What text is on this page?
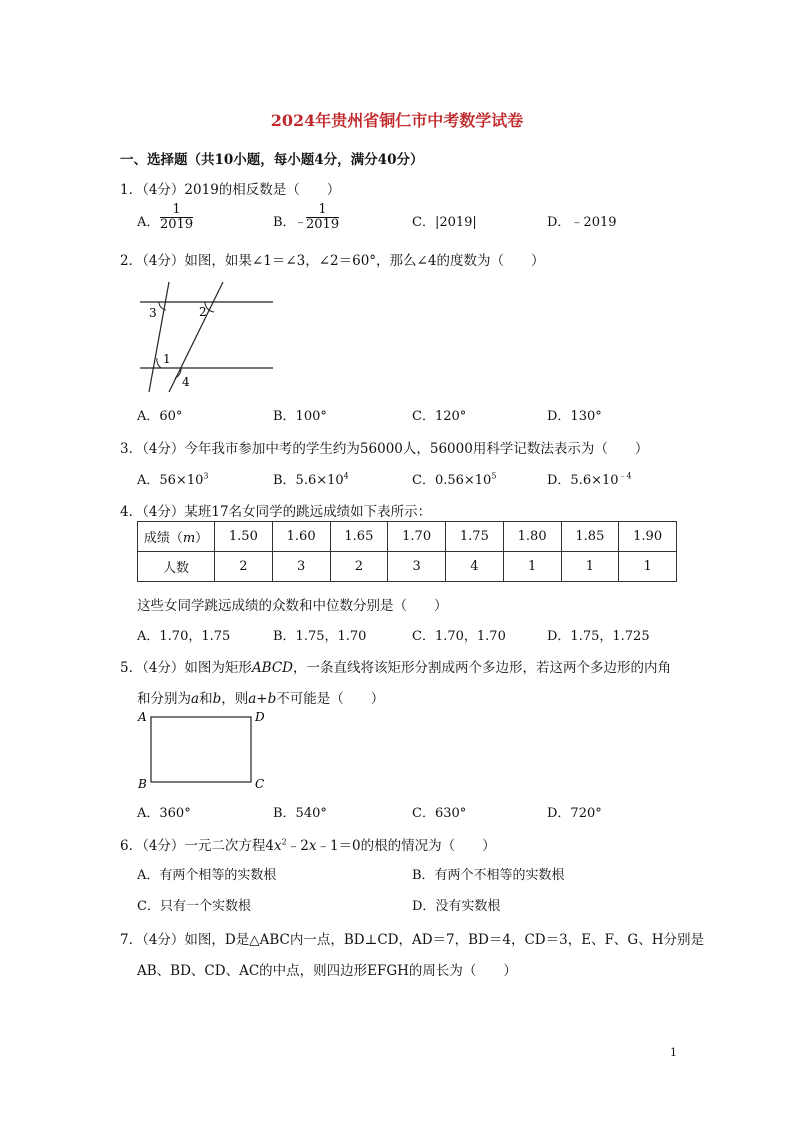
2024年贵州省铜仁市中考数学试卷
一、选择题（共10小题，每小题4分，满分40分）
1．（4分）2019的相反数是（　　）
A．
1
2019	B．
﹣
1
2019	C．|2019|	D．﹣2019
2．（4分）如图，如果∠1＝∠3，∠2＝60°，那么∠4的度数为（　　）
3	2
1
4
A．60°	B．100°	C．120°	D．130°
3．（4分）今年我市参加中考的学生约为56000人，56000用科学记数法表示为（　　）
A．$56\times 10^3$	B．$5.6\times 10^4$	C．$0.56\times 10^5$	D．$5.6\times 10^{﹣4}$
4．（4分）某班17名女同学的跳远成绩如下表所示：
成绩（m）	1.50	1.60	1.65	1.70	1.75	1.80	1.85	1.90
人数	2	3	2	3	4	1	1	1
这些女同学跳远成绩的众数和中位数分别是（　　）
A．1.70，1.75	B．1.75，1.70	C．1.70，1.70	D．1.75，1.725
5．（4分）如图为矩形ABCD，一条直线将该矩形分割成两个多边形，若这两个多边形的内角
和分别为a和b，则a+b不可能是（　　）
A	D
B	C
A．360°	B．540°	C．630°	D．720°
6．（4分）一元二次方程$4x^2﹣2x﹣1=0$的根的情况为（　　）
A．有两个相等的实数根	B．有两个不相等的实数根
C．只有一个实数根	D．没有实数根
7．（4分）如图，D是△ABC内一点，BD⊥CD，AD＝7，BD＝4，CD＝3，E、F、G、H分别是
AB、BD、CD、AC的中点，则四边形EFGH的周长为（　　）
1
